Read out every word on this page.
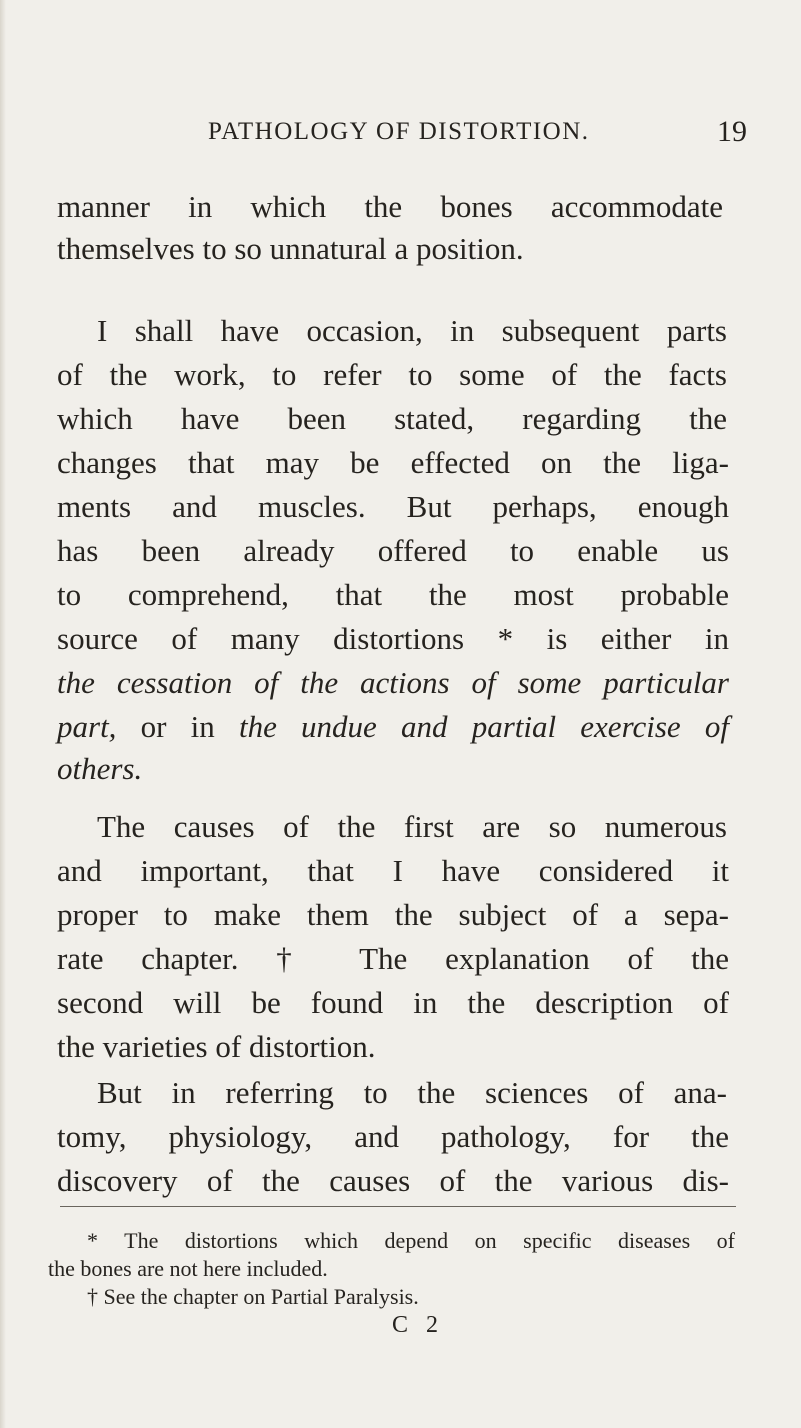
PATHOLOGY OF DISTORTION.	19
manner in which the bones accommodate
themselves to so unnatural a position.
I shall have occasion, in subsequent parts
of the work, to refer to some of the facts
which have been stated, regarding the
changes that may be effected on the liga-
ments and muscles. But perhaps, enough
has been already offered to enable us
to comprehend, that the most probable
source of many distortions * is either in
the cessation of the actions of some particular
part, or in the undue and partial exercise of
others.
The causes of the first are so numerous
and important, that I have considered it
proper to make them the subject of a sepa-
rate chapter. † The explanation of the
second will be found in the description of
the varieties of distortion.
But in referring to the sciences of ana-
tomy, physiology, and pathology, for the
discovery of the causes of the various dis-
* The distortions which depend on specific diseases of
the bones are not here included.
† See the chapter on Partial Paralysis.
C 2
